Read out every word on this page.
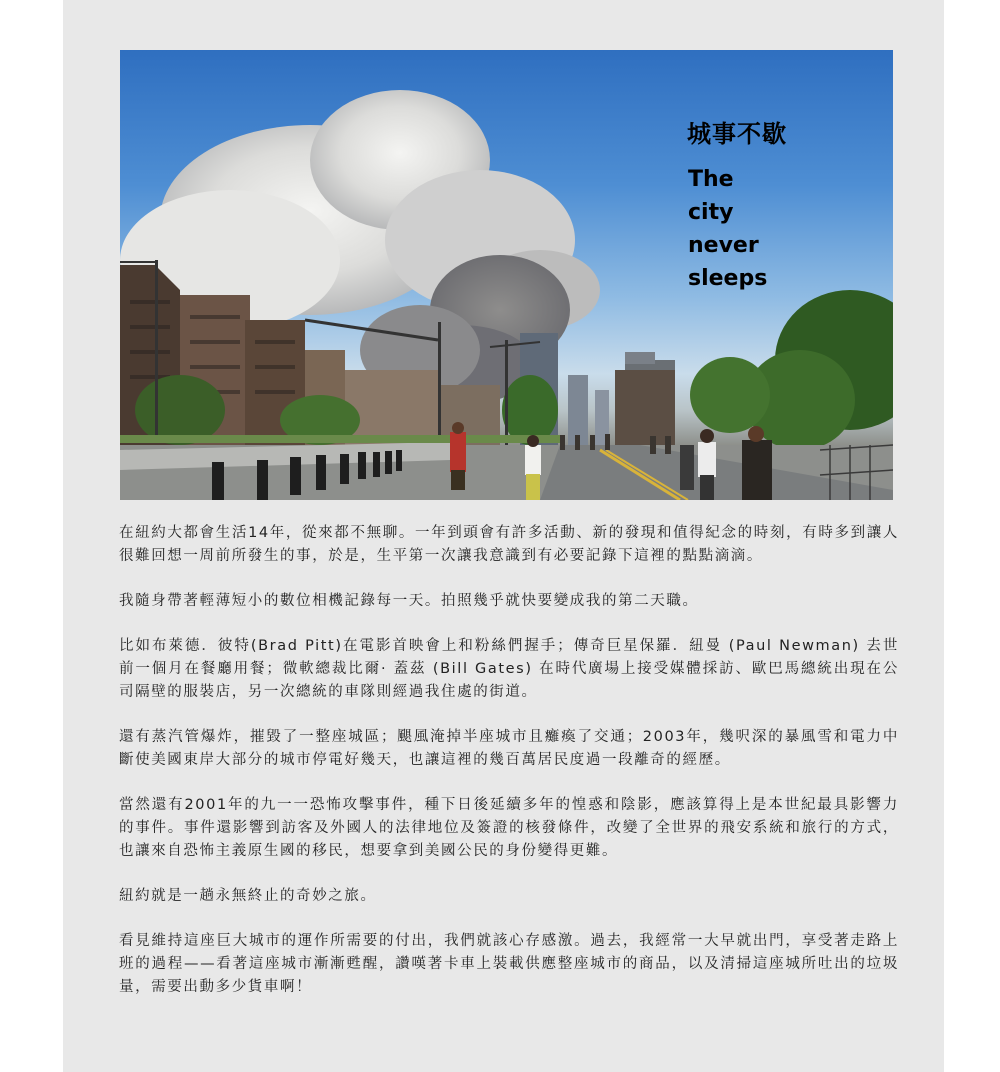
城事不歇
The city never sleeps

在紐約大都會生活14年，從來都不無聊。一年到頭會有許多活動、新的發現和值得紀念的時刻，有時多到讓人很難回想一周前所發生的事，於是，生平第一次讓我意識到有必要記錄下這裡的點點滴滴。

我隨身帶著輕薄短小的數位相機記錄每一天。拍照幾乎就快要變成我的第二天職。

比如布萊德．彼特(Brad Pitt)在電影首映會上和粉絲們握手；傳奇巨星保羅．紐曼 (Paul Newman) 去世前一個月在餐廳用餐；微軟總裁比爾· 蓋茲 (Bill Gates) 在時代廣場上接受媒體採訪、歐巴馬總統出現在公司隔壁的服裝店，另一次總統的車隊則經過我住處的街道。

還有蒸汽管爆炸，摧毀了一整座城區；颶風淹掉半座城市且癱瘓了交通；2003年，幾呎深的暴風雪和電力中斷使美國東岸大部分的城市停電好幾天，也讓這裡的幾百萬居民度過一段離奇的經歷。

當然還有2001年的九一一恐怖攻擊事件，種下日後延續多年的惶惑和陰影，應該算得上是本世紀最具影響力的事件。事件還影響到訪客及外國人的法律地位及簽證的核發條件，改變了全世界的飛安系統和旅行的方式，也讓來自恐怖主義原生國的移民，想要拿到美國公民的身份變得更難。

紐約就是一趟永無終止的奇妙之旅。

看見維持這座巨大城市的運作所需要的付出，我們就該心存感激。過去，我經常一大早就出門，享受著走路上班的過程——看著這座城市漸漸甦醒，讚嘆著卡車上裝載供應整座城市的商品，以及清掃這座城所吐出的垃圾量，需要出動多少貨車啊！
